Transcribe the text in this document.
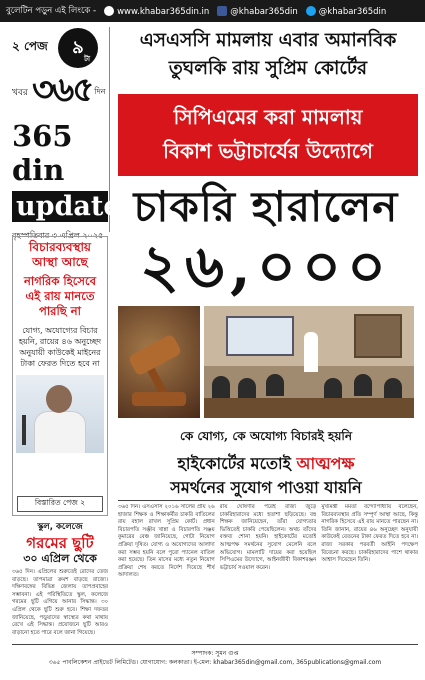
বুলেটিন পড়ুন এই লিংকে -	www.khabar365din.in	@khabar365din	@khabar365din
২ পেজ	৯
টা
খবর ৩৬৫ দিন
365 din
update
বৃহস্পতিবার ৩ এপ্রিল ২০২৫
এসএসসি মামলায় এবার অমানবিক
তুঘলকি রায় সুপ্রিম কোর্টের
সিপিএমের করা মামলায়
বিকাশ ভট্টাচার্যের উদ্যোগে
চাকরি হারালেন
২৬,০০০
বিচারব্যবস্থায় আস্থা আছে
নাগরিক হিসেবে এই রায় মানতে পারছি না
যোগ্য, অযোগ্যের বিচার হয়নি, রায়ের ৪৬ অনুচ্ছেদ অনুযায়ী কাউকেই মাইনের টাকা ফেরত দিতে হবে না
বিস্তারিত পেজ ২
স্কুল, কলেজে
গরমের ছুটি
৩০ এপ্রিল থেকে
৩৬৫ দিন। এপ্রিলের শুরুতেই রোদের তেজ বাড়ছে। তাপমাত্রা ক্রমশ বাড়ছে রাজ্যে। দক্ষিণবঙ্গের বিভিন্ন জেলায় তাপপ্রবাহের সম্ভাবনা। এই পরিস্থিতিতে স্কুল, কলেজে গরমের ছুটি এগিয়ে আনার সিদ্ধান্ত। ৩০ এপ্রিল থেকে ছুটি শুরু হবে। শিক্ষা দফতর জানিয়েছে, পড়ুয়াদের স্বাস্থ্যের কথা মাথায় রেখে এই সিদ্ধান্ত। প্রয়োজনে ছুটি আরও বাড়ানো হতে পারে বলে জানা গিয়েছে।
কে যোগ্য, কে অযোগ্য বিচারই হয়নি
হাইকোর্টের মতোই আত্মপক্ষ
সমর্থনের সুযোগ পাওয়া যায়নি
৩৬৫ দিন। এসএসসি ২০১৬ সালের প্রায় ২৬ হাজার শিক্ষক ও শিক্ষাকর্মীর চাকরি বাতিলের রায় বহাল রাখল সুপ্রিম কোর্ট। প্রধান বিচারপতি সঞ্জীব খান্না ও বিচারপতি সঞ্জয় কুমারের বেঞ্চ জানিয়েছে, গোটা নিয়োগ প্রক্রিয়া দূষিত। যোগ্য ও অযোগ্যদের আলাদা করা সম্ভব হয়নি বলে পুরো প্যানেল বাতিল করা হয়েছে। তিন মাসের মধ্যে নতুন নিয়োগ প্রক্রিয়া শেষ করতে নির্দেশ দিয়েছে শীর্ষ আদালত।
রায় ঘোষণার পরেই রাজ্য জুড়ে চাকরিহারাদের মধ্যে হতাশা ছড়িয়েছে। বহু শিক্ষক জানিয়েছেন, তাঁরা যোগ্যতার ভিত্তিতেই চাকরি পেয়েছিলেন। অথচ তাঁদের বক্তব্য শোনা হয়নি। হাইকোর্টের মতোই আত্মপক্ষ সমর্থনের সুযোগ মেলেনি বলে অভিযোগ। মামলাটি দায়ের করা হয়েছিল সিপিএমের উদ্যোগে, আইনজীবী বিকাশরঞ্জন ভট্টাচার্য সওয়াল করেন।
মুখ্যমন্ত্রী মমতা বন্দ্যোপাধ্যায় বলেছেন, বিচারব্যবস্থার প্রতি সম্পূর্ণ আস্থা আছে, কিন্তু নাগরিক হিসেবে এই রায় মানতে পারছেন না। তিনি জানান, রায়ের ৪৬ অনুচ্ছেদ অনুযায়ী কাউকেই বেতনের টাকা ফেরত দিতে হবে না। রাজ্য সরকার পরবর্তী আইনি পদক্ষেপ বিবেচনা করছে। চাকরিহারাদের পাশে থাকার আশ্বাস দিয়েছেন তিনি।
সম্পাদক: সুমন গুপ্ত
৩৬৫ পাবলিকেশন প্রাইভেট লিমিটেড। যোগাযোগ: কলকাতা। ই-মেল: khabar365din@gmail.com, 365publications@gmail.com
